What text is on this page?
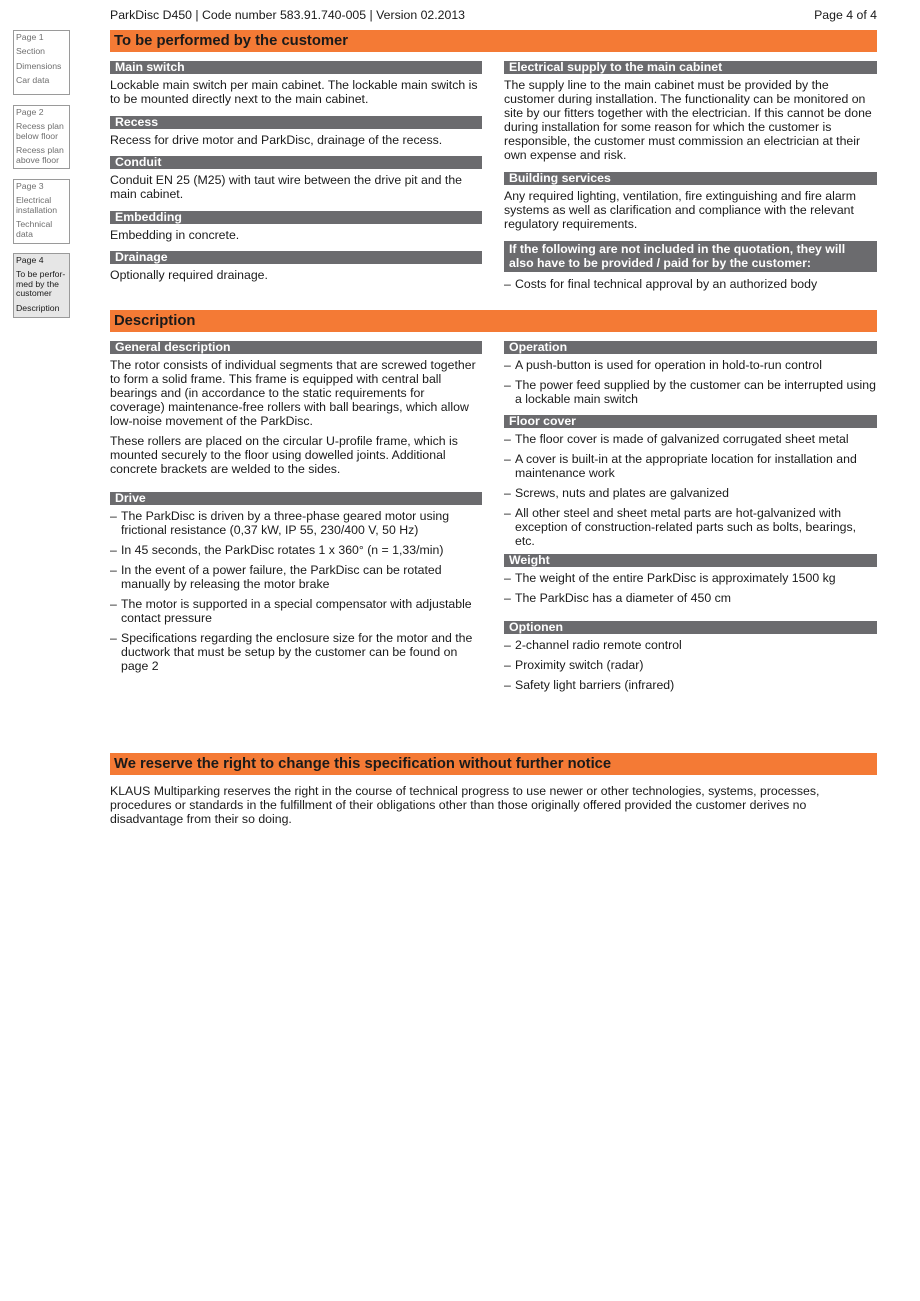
ParkDisc D450 | Code number 583.91.740-005 | Version 02.2013	Page 4 of 4
Page 1
Section
Dimensions
Car data
Page 2
Recess plan below floor
Recess plan above floor
Page 3
Electrical installation
Technical data
Page 4
To be perfor-med by the customer
Description
To be performed by the customer
Main switch
Lockable main switch per main cabinet. The lockable main switch is to be mounted directly next to the main cabinet.
Recess
Recess for drive motor and ParkDisc, drainage of the recess.
Conduit
Conduit EN 25 (M25) with taut wire between the drive pit and the main cabinet.
Embedding
Embedding in concrete.
Drainage
Optionally required drainage.
Electrical supply to the main cabinet
The supply line to the main cabinet must be provided by the customer during installation. The functionality can be monitored on site by our fitters together with the electrician. If this cannot be done during installation for some reason for which the customer is responsible, the customer must commission an electrician at their own expense and risk.
Building services
Any required lighting, ventilation, fire extinguishing and fire alarm systems as well as clarification and compliance with the relevant regulatory requirements.
If the following are not included in the quotation, they will also have to be provided / paid for by the customer:
– Costs for final technical approval by an authorized body
Description
General description
The rotor consists of individual segments that are screwed together to form a solid frame. This frame is equipped with central ball bearings and (in accordance to the static requirements for coverage) maintenance-free rollers with ball bearings, which allow low-noise movement of the ParkDisc.
These rollers are placed on the circular U-profile frame, which is mounted securely to the floor using dowelled joints. Additional concrete brackets are welded to the sides.
Drive
– The ParkDisc is driven by a three-phase geared motor using frictional resistance (0,37 kW, IP 55, 230/400 V, 50 Hz)
– In 45 seconds, the ParkDisc rotates 1 x 360° (n = 1,33/min)
– In the event of a power failure, the ParkDisc can be rotated manually by releasing the motor brake
– The motor is supported in a special compensator with adjustable contact pressure
– Specifications regarding the enclosure size for the motor and the ductwork that must be setup by the customer can be found on page 2
Operation
– A push-button is used for operation in hold-to-run control
– The power feed supplied by the customer can be interrupted using a lockable main switch
Floor cover
– The floor cover is made of galvanized corrugated sheet metal
– A cover is built-in at the appropriate location for installation and maintenance work
– Screws, nuts and plates are galvanized
– All other steel and sheet metal parts are hot-galvanized with exception of construction-related parts such as bolts, bearings, etc.
Weight
– The weight of the entire ParkDisc is approximately 1500 kg
– The ParkDisc has a diameter of 450 cm
Optionen
– 2-channel radio remote control
– Proximity switch (radar)
– Safety light barriers (infrared)
We reserve the right to change this specification without further notice
KLAUS Multiparking reserves the right in the course of technical progress to use newer or other technologies, systems, processes, procedures or standards in the fulfillment of their obligations other than those originally offered provided the customer derives no disadvantage from their so doing.
